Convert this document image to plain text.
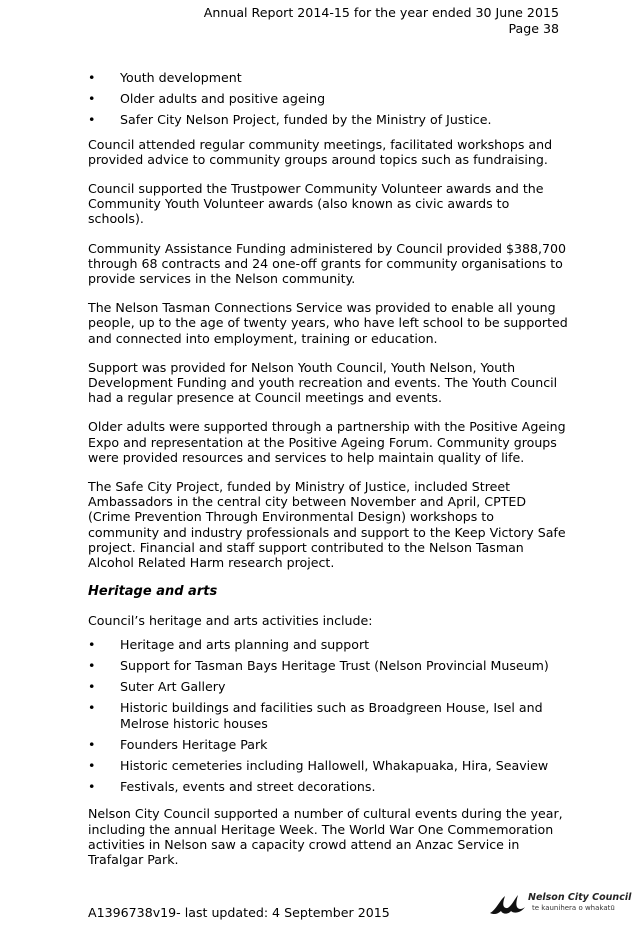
Annual Report 2014-15 for the year ended 30 June 2015
Page 38
• Youth development
• Older adults and positive ageing
• Safer City Nelson Project, funded by the Ministry of Justice.

Council attended regular community meetings, facilitated workshops and provided advice to community groups around topics such as fundraising.

Council supported the Trustpower Community Volunteer awards and the Community Youth Volunteer awards (also known as civic awards to schools).

Community Assistance Funding administered by Council provided $388,700 through 68 contracts and 24 one-off grants for community organisations to provide services in the Nelson community.

The Nelson Tasman Connections Service was provided to enable all young people, up to the age of twenty years, who have left school to be supported and connected into employment, training or education.

Support was provided for Nelson Youth Council, Youth Nelson, Youth Development Funding and youth recreation and events. The Youth Council had a regular presence at Council meetings and events.

Older adults were supported through a partnership with the Positive Ageing Expo and representation at the Positive Ageing Forum. Community groups were provided resources and services to help maintain quality of life.

The Safe City Project, funded by Ministry of Justice, included Street Ambassadors in the central city between November and April, CPTED (Crime Prevention Through Environmental Design) workshops to community and industry professionals and support to the Keep Victory Safe project. Financial and staff support contributed to the Nelson Tasman Alcohol Related Harm research project.

Heritage and arts

Council’s heritage and arts activities include:

• Heritage and arts planning and support
• Support for Tasman Bays Heritage Trust (Nelson Provincial Museum)
• Suter Art Gallery
• Historic buildings and facilities such as Broadgreen House, Isel and Melrose historic houses
• Founders Heritage Park
• Historic cemeteries including Hallowell, Whakapuaka, Hira, Seaview
• Festivals, events and street decorations.

Nelson City Council supported a number of cultural events during the year, including the annual Heritage Week. The World War One Commemoration activities in Nelson saw a capacity crowd attend an Anzac Service in Trafalgar Park.

A1396738v19- last updated: 4 September 2015
Nelson City Council
te kaunihera o whakatū
